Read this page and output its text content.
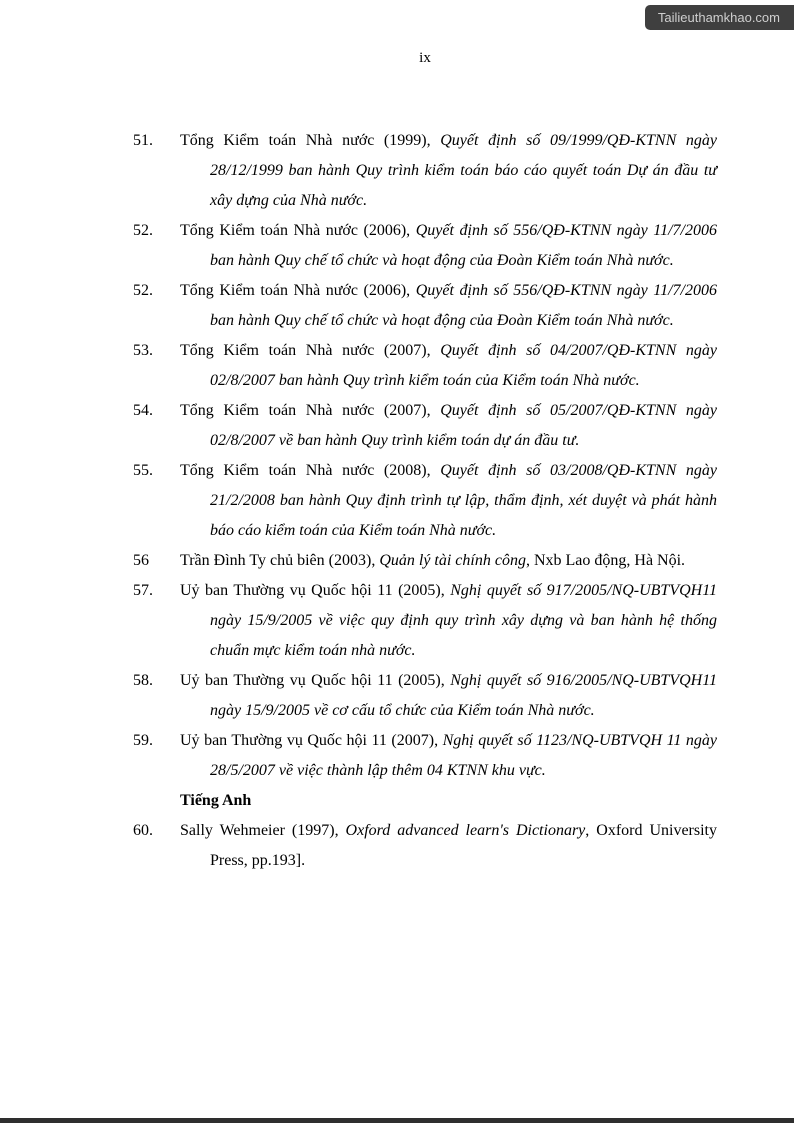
Tailieuthamkhao.com
ix
51. Tổng Kiểm toán Nhà nước (1999), Quyết định số 09/1999/QĐ-KTNN ngày 28/12/1999 ban hành Quy trình kiểm toán báo cáo quyết toán Dự án đầu tư xây dựng của Nhà nước.

52. Tổng Kiểm toán Nhà nước (2006), Quyết định số 556/QĐ-KTNN ngày 11/7/2006 ban hành Quy chế tổ chức và hoạt động của Đoàn Kiểm toán Nhà nước.

52. Tổng Kiểm toán Nhà nước (2006), Quyết định số 556/QĐ-KTNN ngày 11/7/2006 ban hành Quy chế tổ chức và hoạt động của Đoàn Kiểm toán Nhà nước.

53. Tổng Kiểm toán Nhà nước (2007), Quyết định số 04/2007/QĐ-KTNN ngày 02/8/2007 ban hành Quy trình kiểm toán của Kiểm toán Nhà nước.

54. Tổng Kiểm toán Nhà nước (2007), Quyết định số 05/2007/QĐ-KTNN ngày 02/8/2007 về ban hành Quy trình kiểm toán dự án đầu tư.

55. Tổng Kiểm toán Nhà nước (2008), Quyết định số 03/2008/QĐ-KTNN ngày 21/2/2008 ban hành Quy định trình tự lập, thẩm định, xét duyệt và phát hành báo cáo kiểm toán của Kiểm toán Nhà nước.

56 Trần Đình Ty chủ biên (2003), Quản lý tài chính công, Nxb Lao động, Hà Nội.

57. Uỷ ban Thường vụ Quốc hội 11 (2005), Nghị quyết số 917/2005/NQ-UBTVQH11 ngày 15/9/2005 về việc quy định quy trình xây dựng và ban hành hệ thống chuẩn mực kiểm toán nhà nước.

58. Uỷ ban Thường vụ Quốc hội 11 (2005), Nghị quyết số 916/2005/NQ-UBTVQH11 ngày 15/9/2005 về cơ cấu tổ chức của Kiểm toán Nhà nước.

59. Uỷ ban Thường vụ Quốc hội 11 (2007), Nghị quyết số 1123/NQ-UBTVQH 11 ngày 28/5/2007 về việc thành lập thêm 04 KTNN khu vực.

Tiếng Anh

60. Sally Wehmeier (1997), Oxford advanced learn's Dictionary, Oxford University Press, pp.193].
